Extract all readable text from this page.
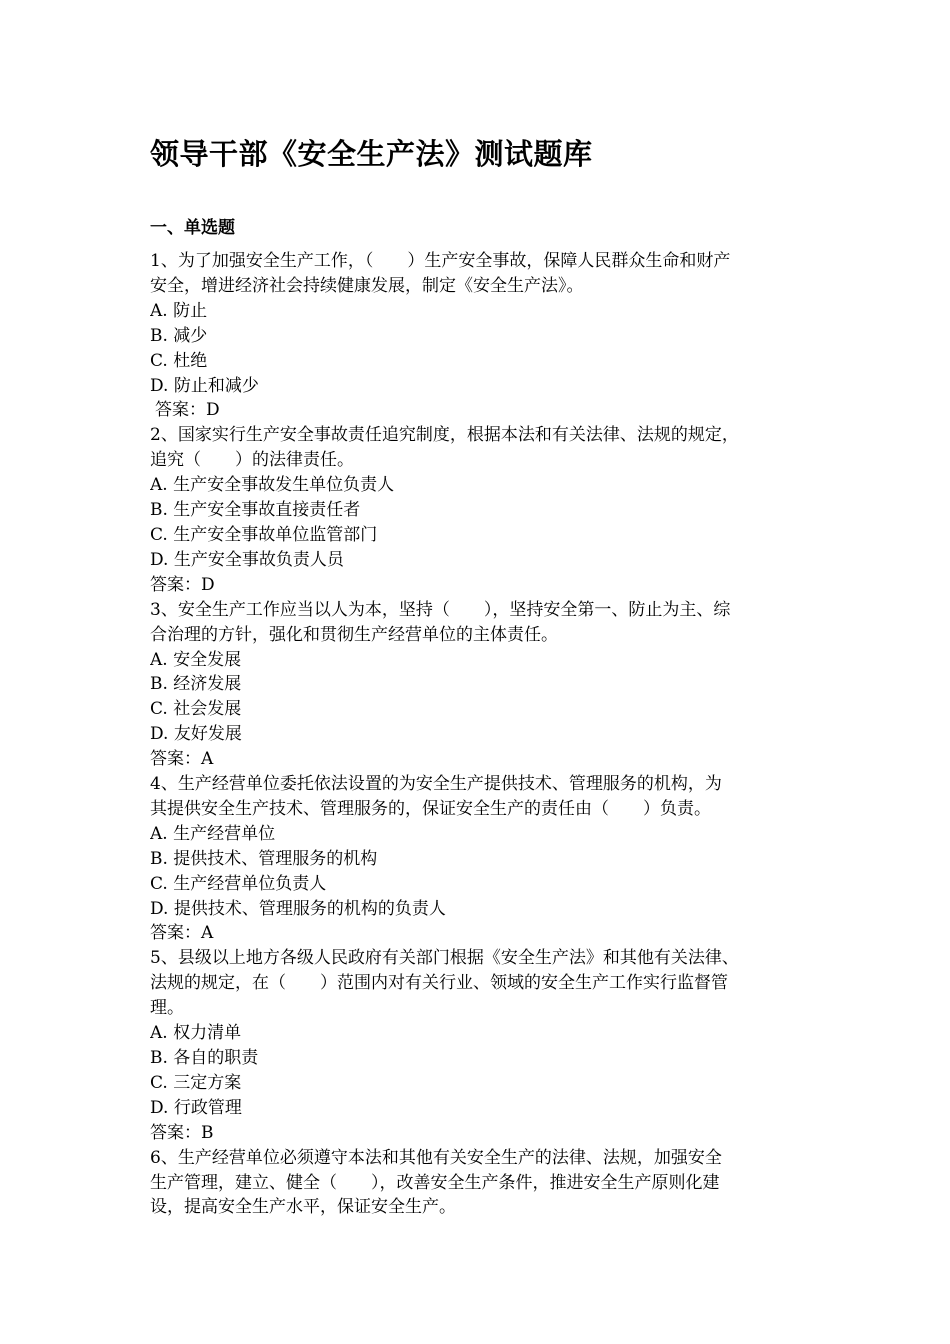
领导干部《安全生产法》测试题库
一、单选题
1、为了加强安全生产工作，（　　）生产安全事故，保障人民群众生命和财产
安全，增进经济社会持续健康发展，制定《安全生产法》。
A. 防止
B. 减少
C. 杜绝
D. 防止和减少
答案：D
2、国家实行生产安全事故责任追究制度，根据本法和有关法律、法规的规定，
追究（　　）的法律责任。
A. 生产安全事故发生单位负责人
B. 生产安全事故直接责任者
C. 生产安全事故单位监管部门
D. 生产安全事故负责人员
答案：D
3、安全生产工作应当以人为本，坚持（　　），坚持安全第一、防止为主、综
合治理的方针，强化和贯彻生产经营单位的主体责任。
A. 安全发展
B. 经济发展
C. 社会发展
D. 友好发展
答案：A
4、生产经营单位委托依法设置的为安全生产提供技术、管理服务的机构，为
其提供安全生产技术、管理服务的，保证安全生产的责任由（　　）负责。
A. 生产经营单位
B. 提供技术、管理服务的机构
C. 生产经营单位负责人
D. 提供技术、管理服务的机构的负责人
答案：A
5、县级以上地方各级人民政府有关部门根据《安全生产法》和其他有关法律、
法规的规定，在（　　）范围内对有关行业、领域的安全生产工作实行监督管
理。
A. 权力清单
B. 各自的职责
C. 三定方案
D. 行政管理
答案：B
6、生产经营单位必须遵守本法和其他有关安全生产的法律、法规，加强安全
生产管理，建立、健全（　　），改善安全生产条件，推进安全生产原则化建
设，提高安全生产水平，保证安全生产。
